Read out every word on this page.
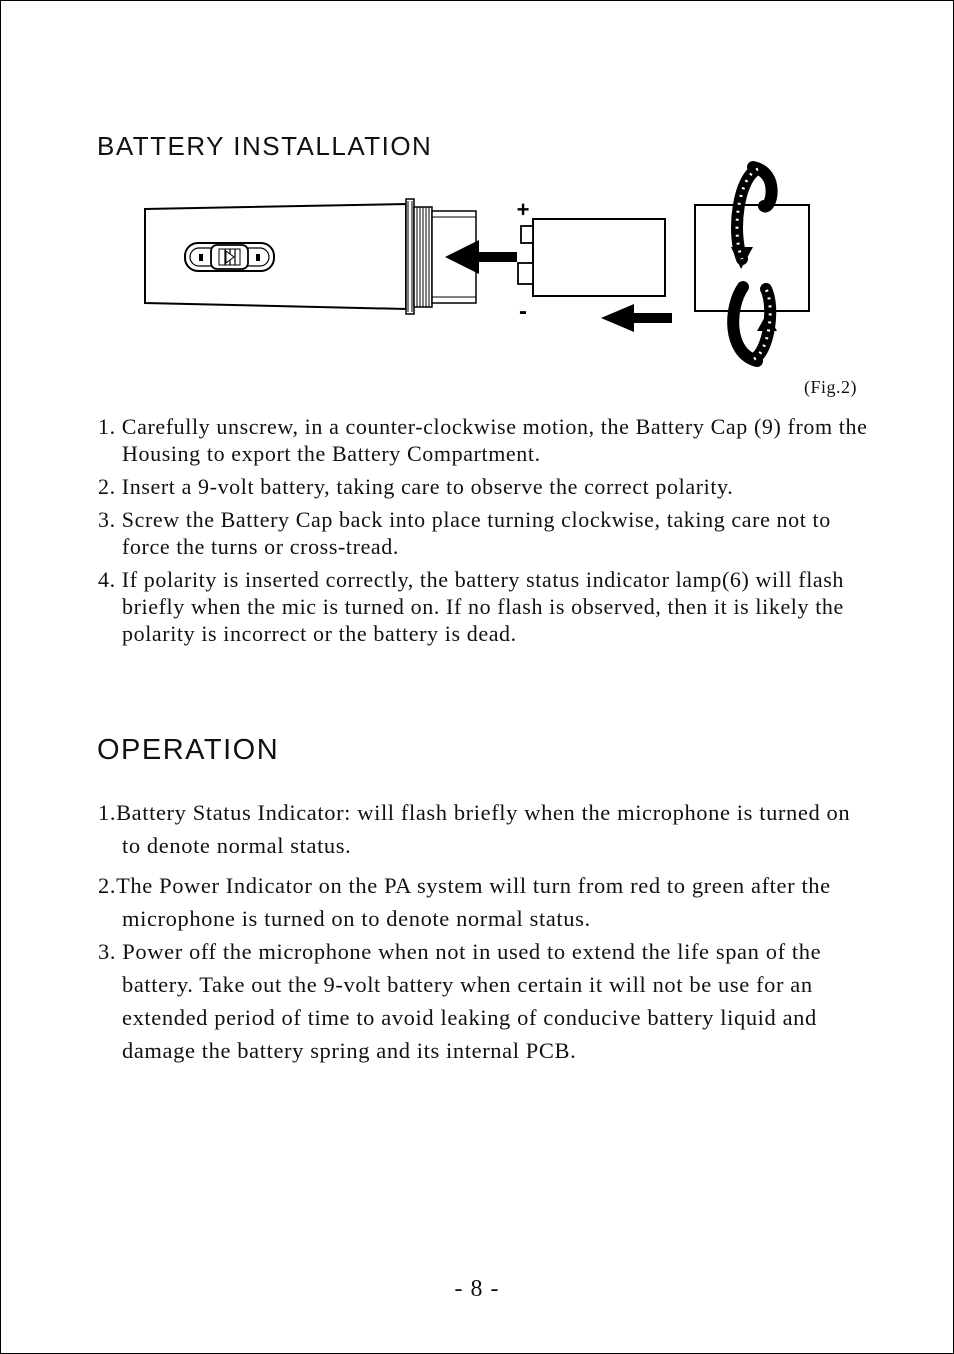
BATTERY INSTALLATION
+
-
(Fig.2)
1. Carefully unscrew, in a counter-clockwise motion, the Battery Cap (9) from the Housing to export the Battery Compartment.
2. Insert a 9-volt battery, taking care to observe the correct polarity.
3. Screw the Battery Cap back into place turning clockwise, taking care not to force the turns or cross-tread.
4. If polarity is inserted correctly, the battery status indicator lamp(6) will flash briefly when the mic is turned on. If no flash is observed, then it is likely the polarity is incorrect or the battery is dead.
OPERATION
1.Battery Status Indicator: will flash briefly when the microphone is turned on to denote normal status.
2.The Power Indicator on the PA system will turn from red to green after the microphone is turned on to denote normal status.
3. Power off the microphone when not in used to extend the life span of the battery. Take out the 9-volt battery when certain it will not be use for an extended period of time to avoid leaking of conducive battery liquid and damage the battery spring and its internal PCB.
- 8 -
